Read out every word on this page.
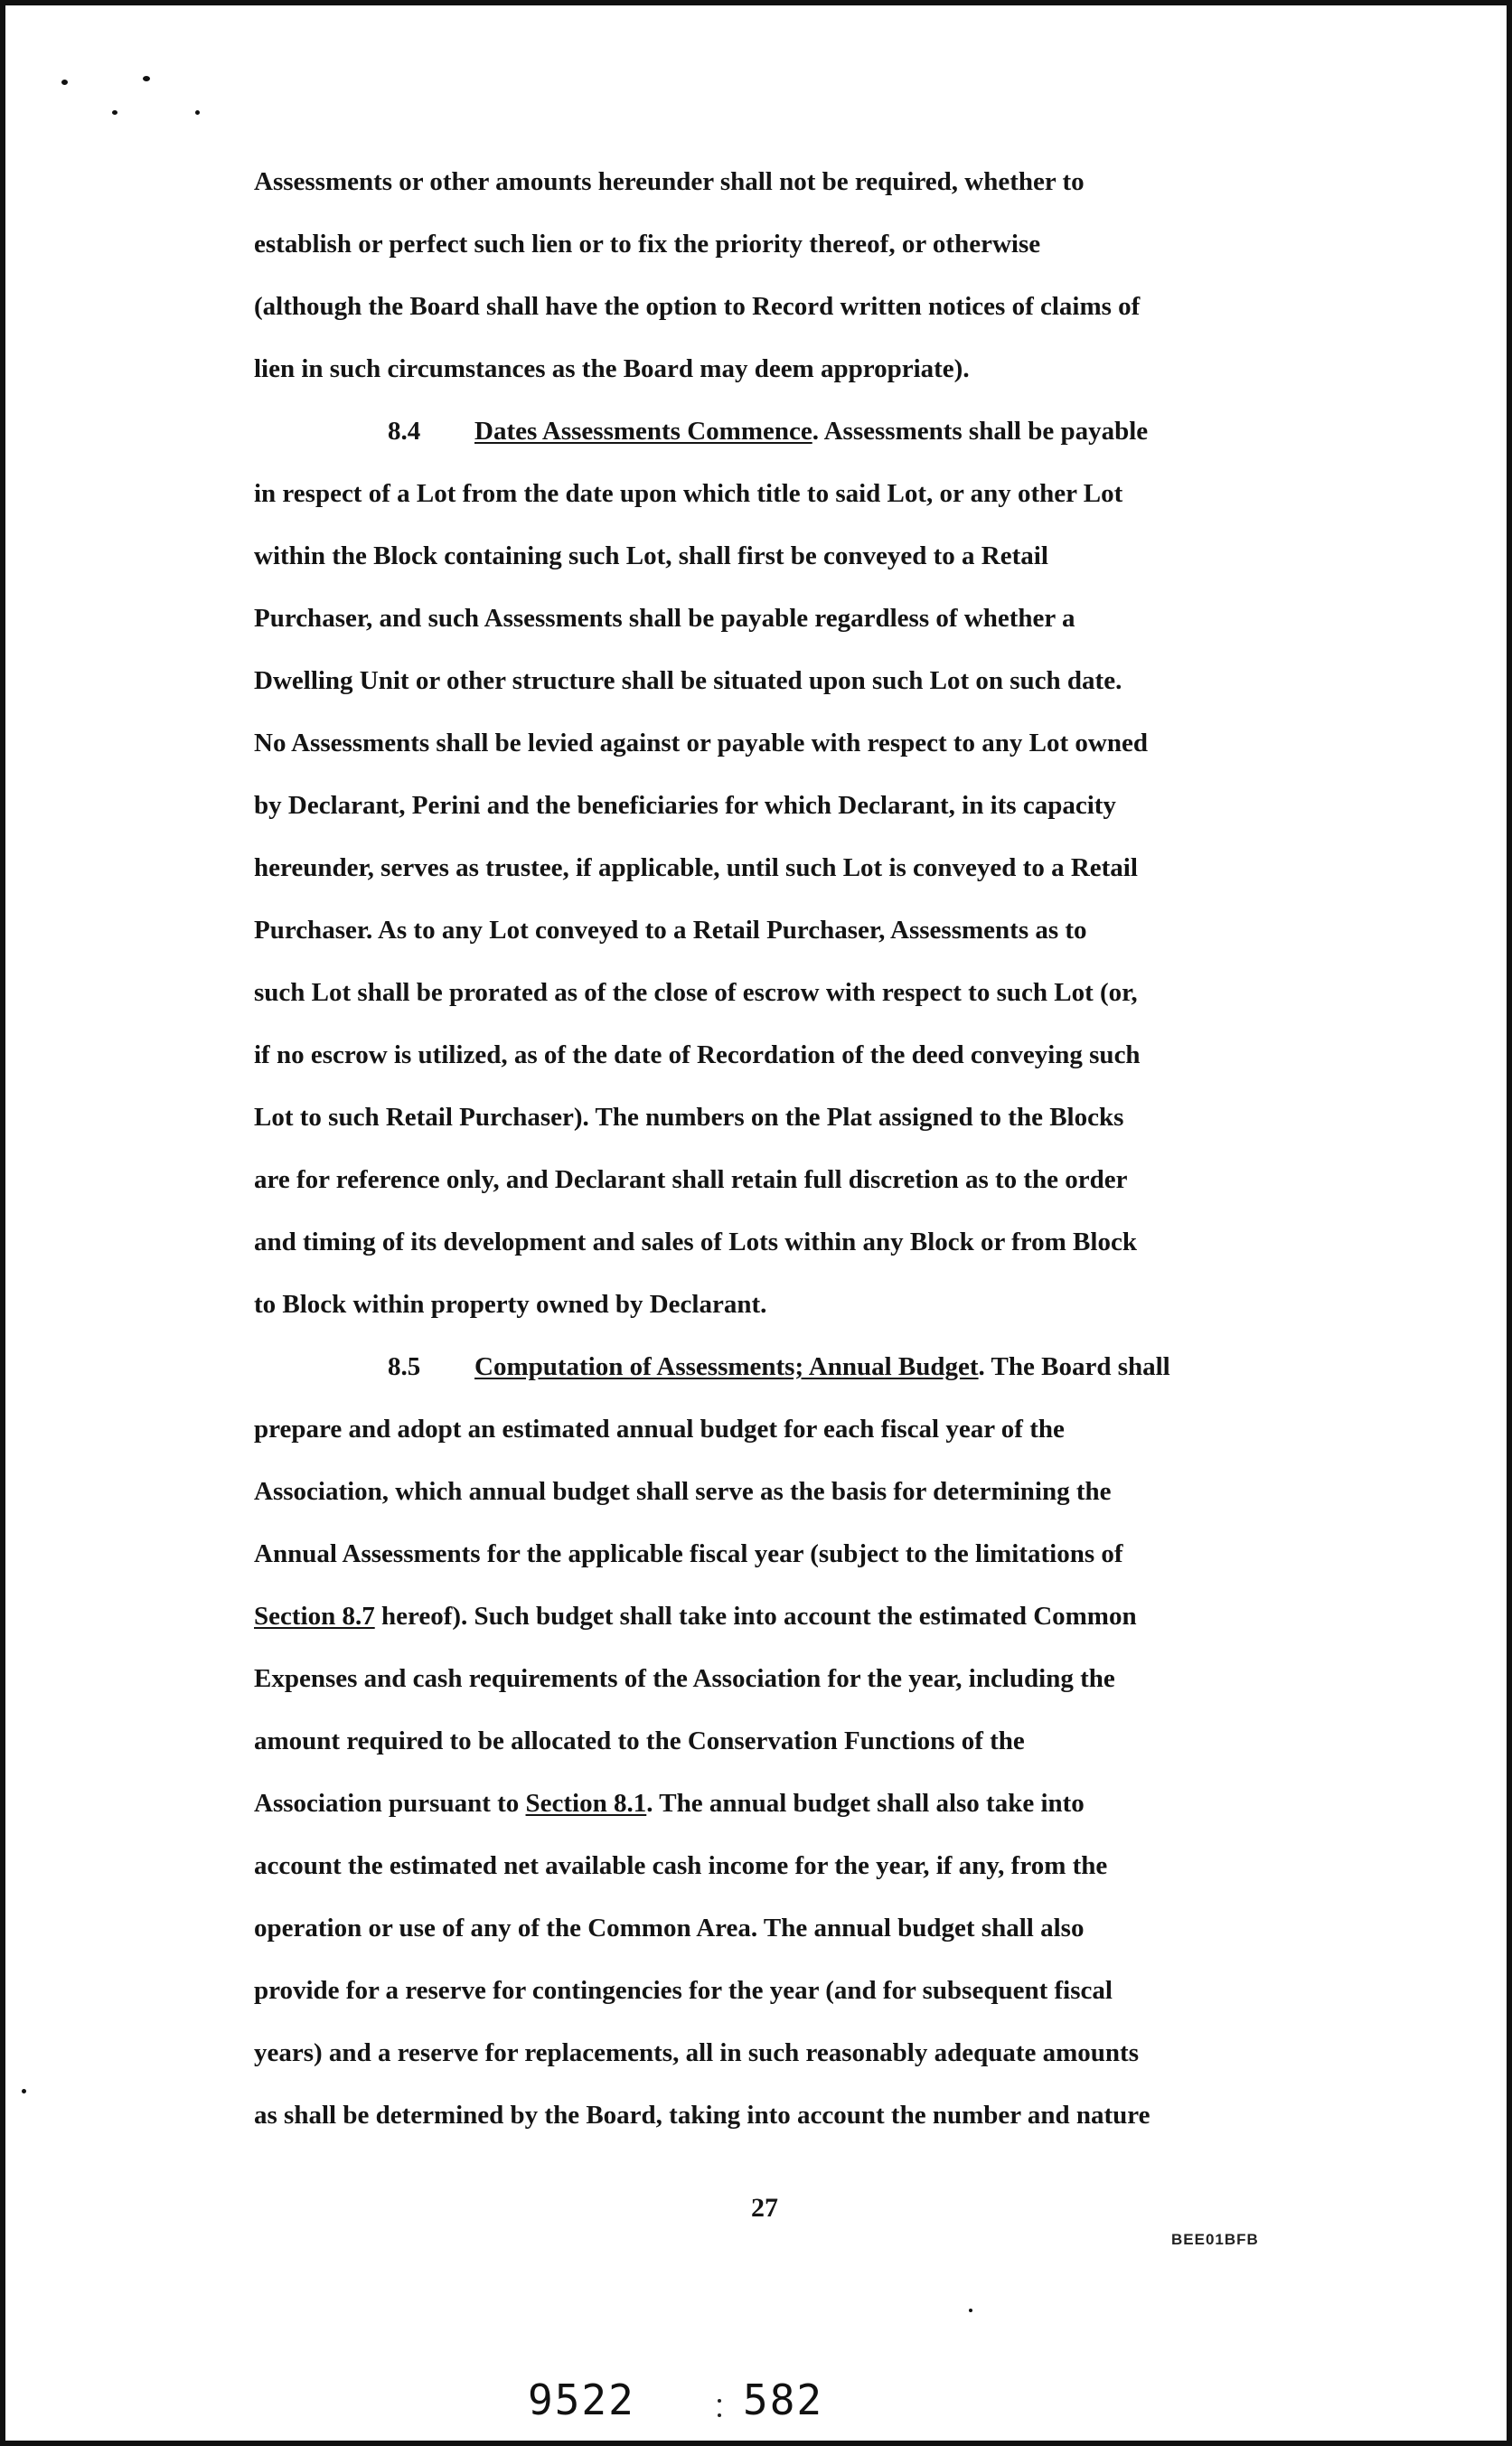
Assessments or other amounts hereunder shall not be required, whether to
establish or perfect such lien or to fix the priority thereof, or otherwise
(although the Board shall have the option to Record written notices of claims of
lien in such circumstances as the Board may deem appropriate).
8.4 Dates Assessments Commence. Assessments shall be payable
in respect of a Lot from the date upon which title to said Lot, or any other Lot
within the Block containing such Lot, shall first be conveyed to a Retail
Purchaser, and such Assessments shall be payable regardless of whether a
Dwelling Unit or other structure shall be situated upon such Lot on such date.
No Assessments shall be levied against or payable with respect to any Lot owned
by Declarant, Perini and the beneficiaries for which Declarant, in its capacity
hereunder, serves as trustee, if applicable, until such Lot is conveyed to a Retail
Purchaser. As to any Lot conveyed to a Retail Purchaser, Assessments as to
such Lot shall be prorated as of the close of escrow with respect to such Lot (or,
if no escrow is utilized, as of the date of Recordation of the deed conveying such
Lot to such Retail Purchaser). The numbers on the Plat assigned to the Blocks
are for reference only, and Declarant shall retain full discretion as to the order
and timing of its development and sales of Lots within any Block or from Block
to Block within property owned by Declarant.
8.5 Computation of Assessments; Annual Budget. The Board shall
prepare and adopt an estimated annual budget for each fiscal year of the
Association, which annual budget shall serve as the basis for determining the
Annual Assessments for the applicable fiscal year (subject to the limitations of
Section 8.7 hereof). Such budget shall take into account the estimated Common
Expenses and cash requirements of the Association for the year, including the
amount required to be allocated to the Conservation Functions of the
Association pursuant to Section 8.1. The annual budget shall also take into
account the estimated net available cash income for the year, if any, from the
operation or use of any of the Common Area. The annual budget shall also
provide for a reserve for contingencies for the year (and for subsequent fiscal
years) and a reserve for replacements, all in such reasonably adequate amounts
as shall be determined by the Board, taking into account the number and nature
27
BEE01BFB
9522	582
